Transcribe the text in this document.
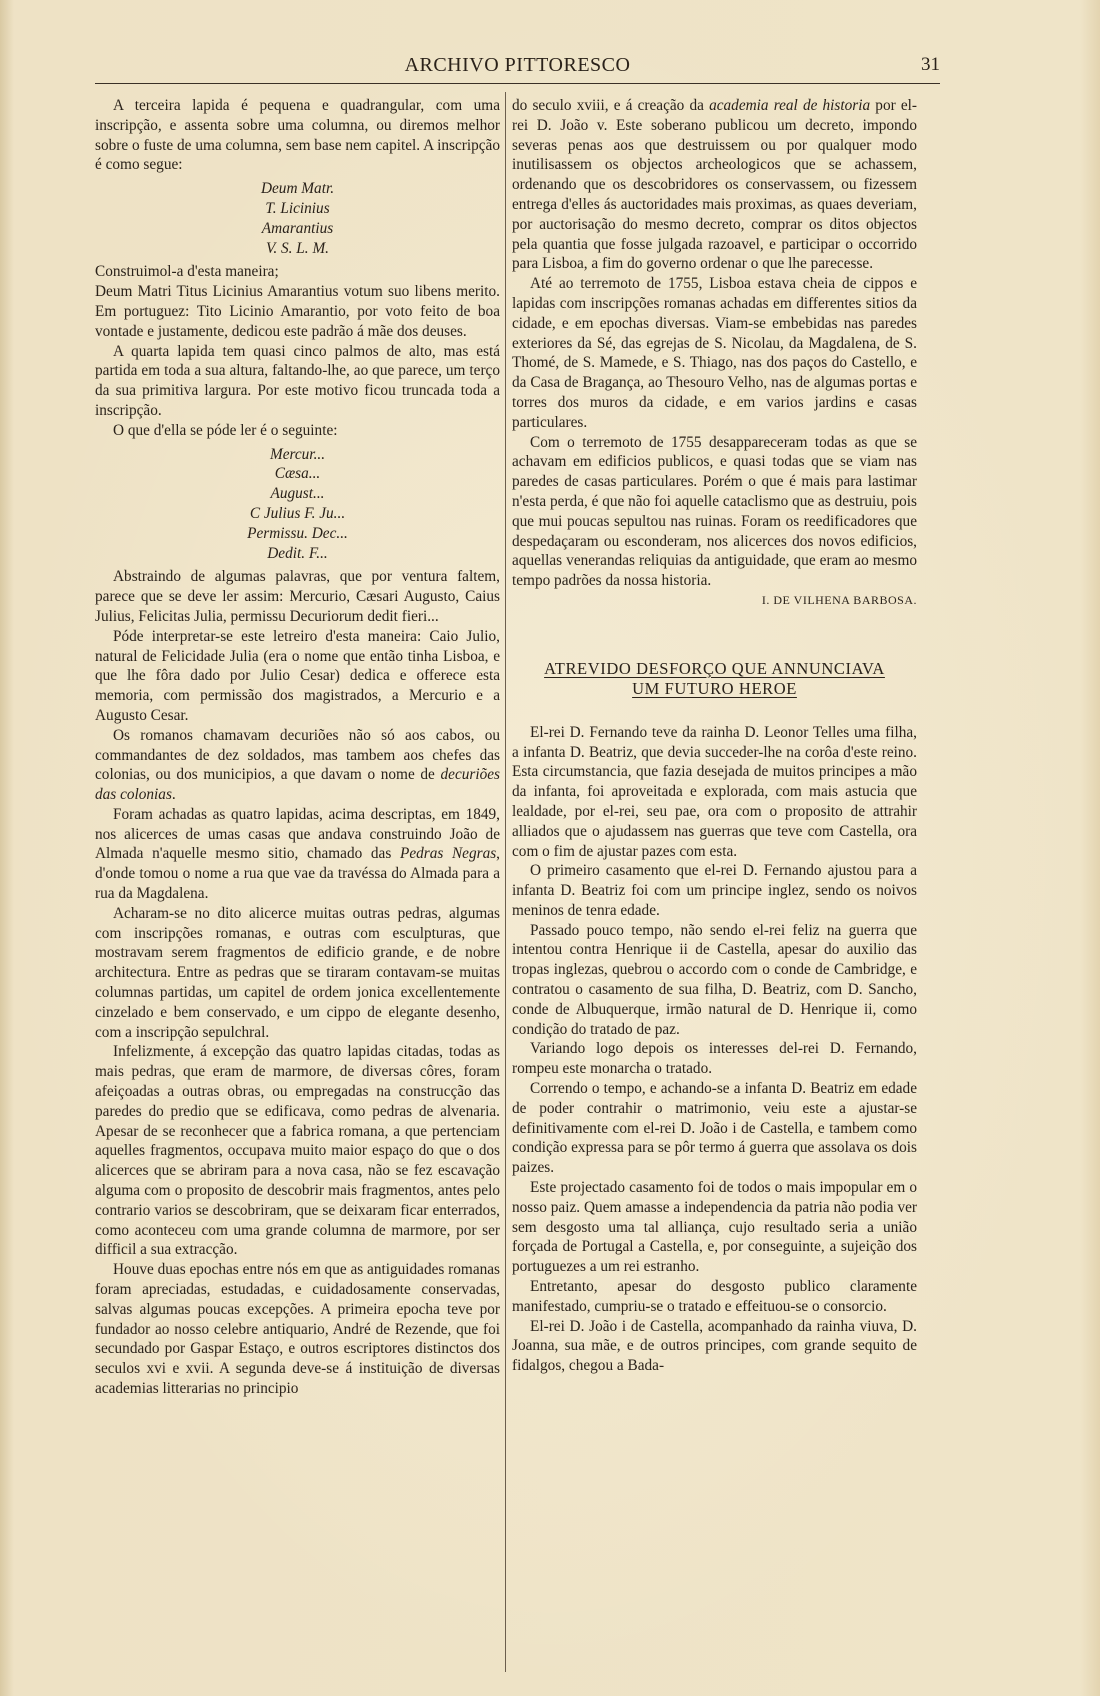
ARCHIVO PITTORESCO	31

A terceira lapida é pequena e quadrangular, com uma inscripção, e assenta sobre uma columna, ou diremos melhor sobre o fuste de uma columna, sem base nem capitel. A inscripção é como segue:

Deum Matr.
T. Licinius
Amarantius
V. S. L. M.

Construimol-a d'esta maneira;

Deum Matri Titus Licinius Amarantius votum suo libens merito. Em portuguez: Tito Licinio Amarantio, por voto feito de boa vontade e justamente, dedicou este padrão á mãe dos deuses.

A quarta lapida tem quasi cinco palmos de alto, mas está partida em toda a sua altura, faltando-lhe, ao que parece, um terço da sua primitiva largura. Por este motivo ficou truncada toda a inscripção.

O que d'ella se póde ler é o seguinte:

Mercur...
Cæsa...
August...
C Julius F. Ju...
Permissu. Dec...
Dedit. F...

Abstraindo de algumas palavras, que por ventura faltem, parece que se deve ler assim: Mercurio, Cæsari Augusto, Caius Julius, Felicitas Julia, permissu Decuriorum dedit fieri...

Póde interpretar-se este letreiro d'esta maneira: Caio Julio, natural de Felicidade Julia (era o nome que então tinha Lisboa, e que lhe fôra dado por Julio Cesar) dedica e offerece esta memoria, com permissão dos magistrados, a Mercurio e a Augusto Cesar.

Os romanos chamavam decuriões não só aos cabos, ou commandantes de dez soldados, mas tambem aos chefes das colonias, ou dos municipios, a que davam o nome de decuriões das colonias.

Foram achadas as quatro lapidas, acima descriptas, em 1849, nos alicerces de umas casas que andava construindo João de Almada n'aquelle mesmo sitio, chamado das Pedras Negras, d'onde tomou o nome a rua que vae da travéssa do Almada para a rua da Magdalena.

Acharam-se no dito alicerce muitas outras pedras, algumas com inscripções romanas, e outras com esculpturas, que mostravam serem fragmentos de edificio grande, e de nobre architectura. Entre as pedras que se tiraram contavam-se muitas columnas partidas, um capitel de ordem jonica excellentemente cinzelado e bem conservado, e um cippo de elegante desenho, com a inscripção sepulchral.

Infelizmente, á excepção das quatro lapidas citadas, todas as mais pedras, que eram de marmore, de diversas côres, foram afeiçoadas a outras obras, ou empregadas na construcção das paredes do predio que se edificava, como pedras de alvenaria. Apesar de se reconhecer que a fabrica romana, a que pertenciam aquelles fragmentos, occupava muito maior espaço do que o dos alicerces que se abriram para a nova casa, não se fez escavação alguma com o proposito de descobrir mais fragmentos, antes pelo contrario varios se descobriram, que se deixaram ficar enterrados, como aconteceu com uma grande columna de marmore, por ser difficil a sua extracção.

Houve duas epochas entre nós em que as antiguidades romanas foram apreciadas, estudadas, e cuidadosamente conservadas, salvas algumas poucas excepções. A primeira epocha teve por fundador ao nosso celebre antiquario, André de Rezende, que foi secundado por Gaspar Estaço, e outros escriptores distinctos dos seculos xvi e xvii. A segunda deve-se á instituição de diversas academias litterarias no principio

do seculo xviii, e á creação da academia real de historia por el-rei D. João v. Este soberano publicou um decreto, impondo severas penas aos que destruissem ou por qualquer modo inutilisassem os objectos archeologicos que se achassem, ordenando que os descobridores os conservassem, ou fizessem entrega d'elles ás auctoridades mais proximas, as quaes deveriam, por auctorisação do mesmo decreto, comprar os ditos objectos pela quantia que fosse julgada razoavel, e participar o occorrido para Lisboa, a fim do governo ordenar o que lhe parecesse.

Até ao terremoto de 1755, Lisboa estava cheia de cippos e lapidas com inscripções romanas achadas em differentes sitios da cidade, e em epochas diversas. Viam-se embebidas nas paredes exteriores da Sé, das egrejas de S. Nicolau, da Magdalena, de S. Thomé, de S. Mamede, e S. Thiago, nas dos paços do Castello, e da Casa de Bragança, ao Thesouro Velho, nas de algumas portas e torres dos muros da cidade, e em varios jardins e casas particulares.

Com o terremoto de 1755 desappareceram todas as que se achavam em edificios publicos, e quasi todas que se viam nas paredes de casas particulares. Porém o que é mais para lastimar n'esta perda, é que não foi aquelle cataclismo que as destruiu, pois que mui poucas sepultou nas ruinas. Foram os reedificadores que despedaçaram ou esconderam, nos alicerces dos novos edificios, aquellas venerandas reliquias da antiguidade, que eram ao mesmo tempo padrões da nossa historia.

I. DE VILHENA BARBOSA.

ATREVIDO DESFORÇO QUE ANNUNCIAVA
UM FUTURO HEROE

El-rei D. Fernando teve da rainha D. Leonor Telles uma filha, a infanta D. Beatriz, que devia succeder-lhe na corôa d'este reino. Esta circumstancia, que fazia desejada de muitos principes a mão da infanta, foi aproveitada e explorada, com mais astucia que lealdade, por el-rei, seu pae, ora com o proposito de attrahir alliados que o ajudassem nas guerras que teve com Castella, ora com o fim de ajustar pazes com esta.

O primeiro casamento que el-rei D. Fernando ajustou para a infanta D. Beatriz foi com um principe inglez, sendo os noivos meninos de tenra edade.

Passado pouco tempo, não sendo el-rei feliz na guerra que intentou contra Henrique ii de Castella, apesar do auxilio das tropas inglezas, quebrou o accordo com o conde de Cambridge, e contratou o casamento de sua filha, D. Beatriz, com D. Sancho, conde de Albuquerque, irmão natural de D. Henrique ii, como condição do tratado de paz.

Variando logo depois os interesses del-rei D. Fernando, rompeu este monarcha o tratado.

Correndo o tempo, e achando-se a infanta D. Beatriz em edade de poder contrahir o matrimonio, veiu este a ajustar-se definitivamente com el-rei D. João i de Castella, e tambem como condição expressa para se pôr termo á guerra que assolava os dois paizes.

Este projectado casamento foi de todos o mais impopular em o nosso paiz. Quem amasse a independencia da patria não podia ver sem desgosto uma tal alliança, cujo resultado seria a união forçada de Portugal a Castella, e, por conseguinte, a sujeição dos portuguezes a um rei estranho.

Entretanto, apesar do desgosto publico claramente manifestado, cumpriu-se o tratado e effeituou-se o consorcio.

El-rei D. João i de Castella, acompanhado da rainha viuva, D. Joanna, sua mãe, e de outros principes, com grande sequito de fidalgos, chegou a Bada-
